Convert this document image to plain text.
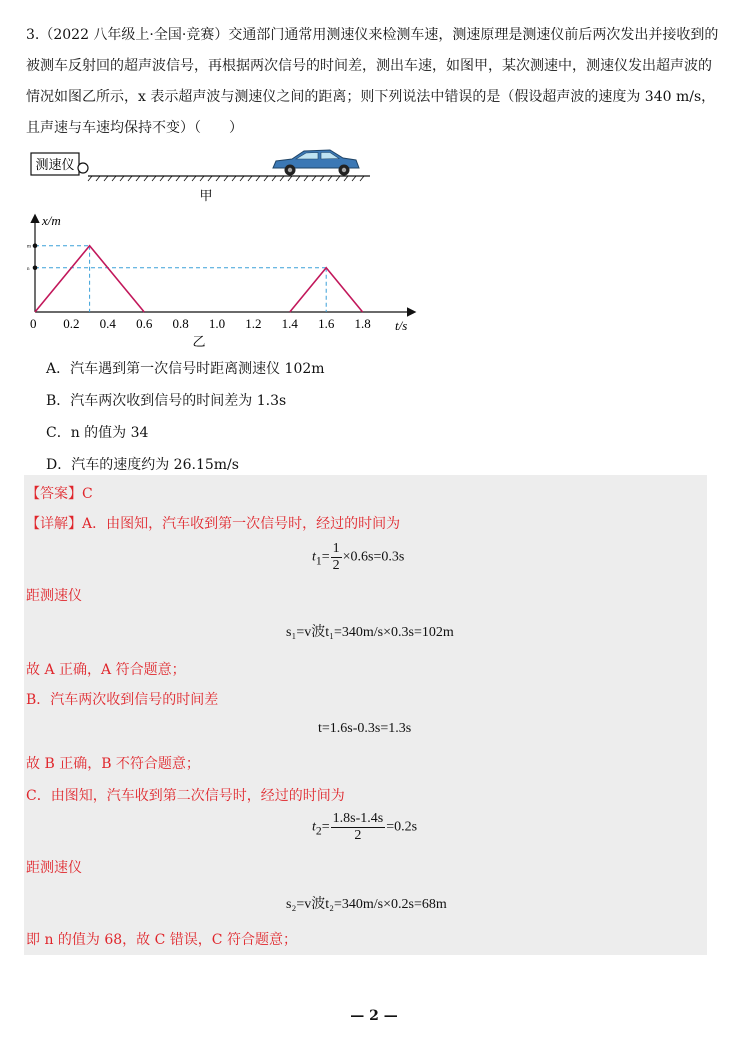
3.（2022 八年级上·全国·竞赛）交通部门通常用测速仪来检测车速，测速原理是测速仪前后两次发出并接收到的
被测车反射回的超声波信号，再根据两次信号的时间差，测出车速，如图甲，某次测速中，测速仪发出超声波的
情况如图乙所示，x 表示超声波与测速仪之间的距离；则下列说法中错误的是（假设超声波的速度为 340 m/s，
且声速与车速均保持不变）（　　）
测速仪
甲
x/m
t/s
0 0.2 0.4 0.6 0.8 1.0 1.2 1.4 1.6 1.8
m
n
乙
A．汽车遇到第一次信号时距离测速仪 102m
B．汽车两次收到信号的时间差为 1.3s
C．n 的值为 34
D．汽车的速度约为 26.15m/s
【答案】C
【详解】A．由图知，汽车收到第一次信号时，经过的时间为
$t_1= \frac{1}{2} \times 0.6s=0.3s$
距测速仪
s₁=v波t₁=340m/s×0.3s=102m
故 A 正确，A 符合题意；
B．汽车两次收到信号的时间差
t=1.6s-0.3s=1.3s
故 B 正确，B 不符合题意；
C．由图知，汽车收到第二次信号时，经过的时间为
$t_2= \frac{1.8s-1.4s}{2} =0.2s$
距测速仪
s₂=v波t₂=340m/s×0.2s=68m
即 n 的值为 68，故 C 错误，C 符合题意；
— 2 —
